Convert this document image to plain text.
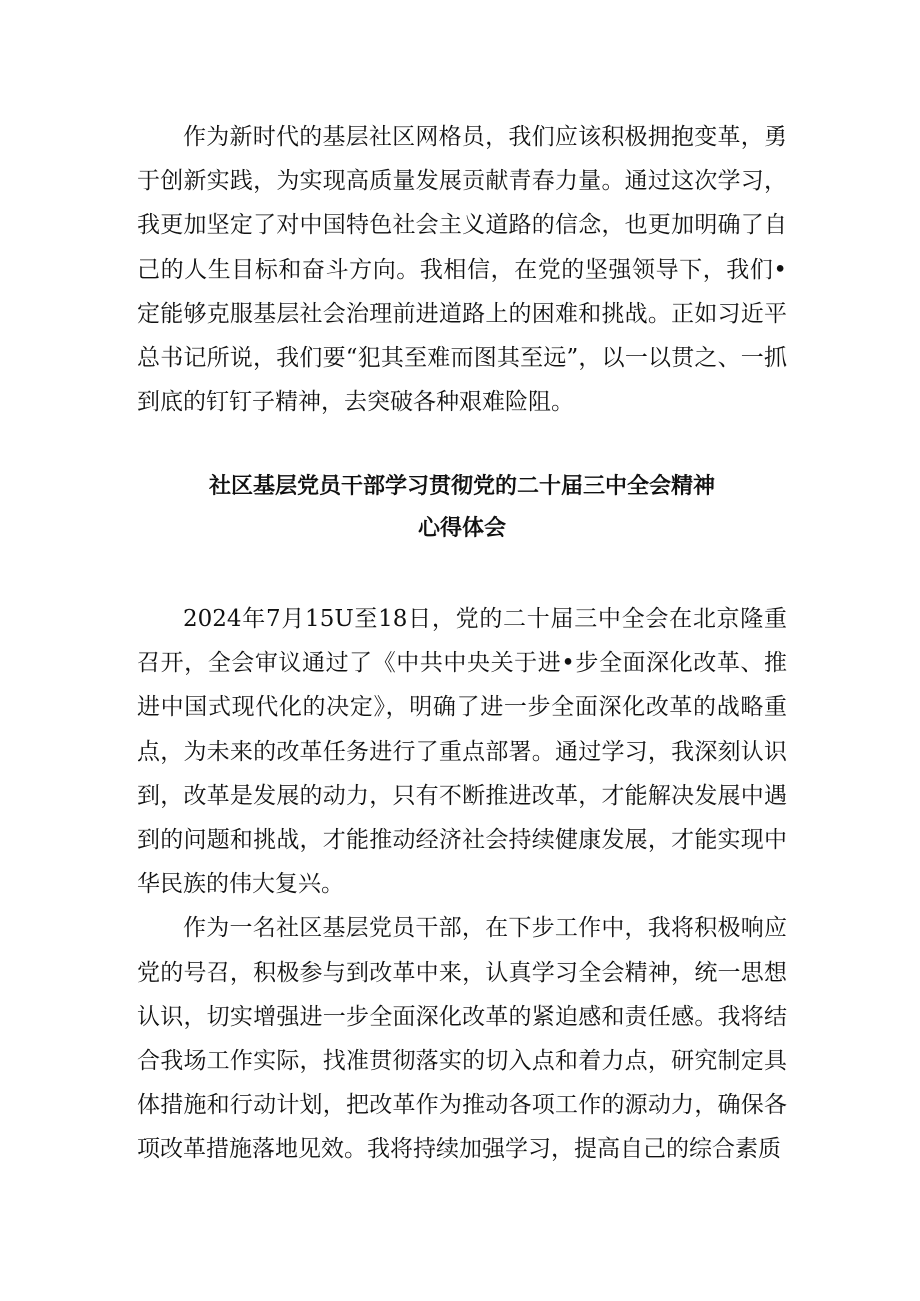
作为新时代的基层社区网格员，我们应该积极拥抱变革，勇于创新实践，为实现高质量发展贡献青春力量。通过这次学习，我更加坚定了对中国特色社会主义道路的信念，也更加明确了自己的人生目标和奋斗方向。我相信，在党的坚强领导下，我们•定能够克服基层社会治理前进道路上的困难和挑战。正如习近平总书记所说，我们要“犯其至难而图其至远”，以一以贯之、一抓到底的钉钉子精神，去突破各种艰难险阻。

社区基层党员干部学习贯彻党的二十届三中全会精神
心得体会

2024年7月15U至18日，党的二十届三中全会在北京隆重召开，全会审议通过了《中共中央关于进•步全面深化改革、推进中国式现代化的决定》，明确了进一步全面深化改革的战略重点，为未来的改革任务进行了重点部署。通过学习，我深刻认识到，改革是发展的动力，只有不断推进改革，才能解决发展中遇到的问题和挑战，才能推动经济社会持续健康发展，才能实现中华民族的伟大复兴。

作为一名社区基层党员干部，在下步工作中，我将积极响应党的号召，积极参与到改革中来，认真学习全会精神，统一思想认识，切实增强进一步全面深化改革的紧迫感和责任感。我将结合我场工作实际，找准贯彻落实的切入点和着力点，研究制定具体措施和行动计划，把改革作为推动各项工作的源动力，确保各项改革措施落地见效。我将持续加强学习，提高自己的综合素质
